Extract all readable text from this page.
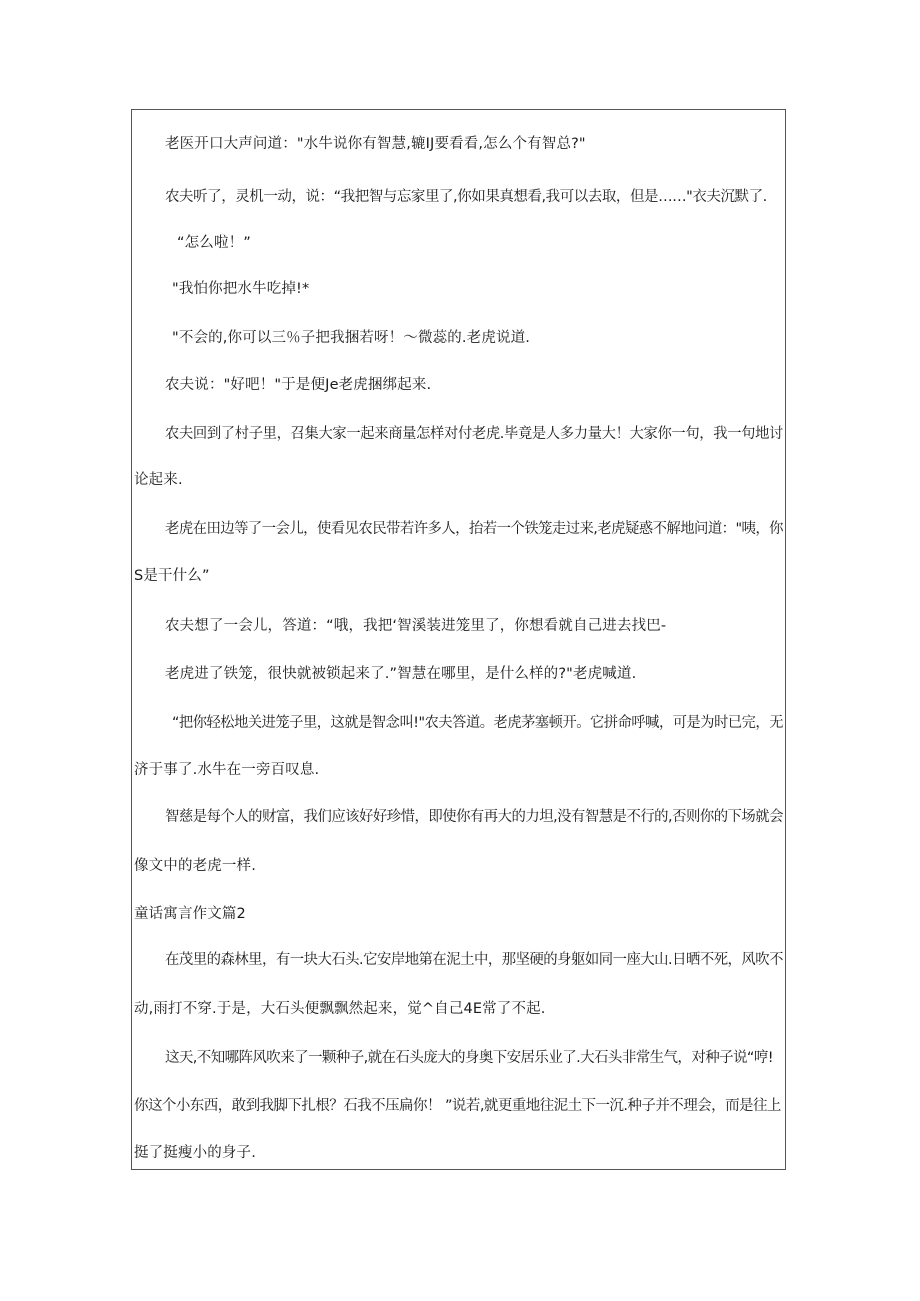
老医开口大声问道："水牛说你有智慧,辘IJ要看看,怎么个有智总?"
农夫听了，灵机一动，说：“我把智与忘家里了,你如果真想看,我可以去取，但是……"衣夫沉默了.
“怎么啦！”
"我怕你把水牛吃掉!*
"不会的,你可以三％子把我捆若呀！〜微蕊的.老虎说道.
农夫说："好吧！"于是便Je老虎捆绑起来.
农夫回到了村子里，召集大家一起来商量怎样对付老虎.毕竟是人多力量大！大家你一句，我一句地讨
论起来.
老虎在田边等了一会儿，使看见农民带若许多人，抬若一个铁笼走过来,老虎疑惑不解地问道："咦，你
S是干什么”
农夫想了一会儿，答道：“哦，我把‘智溪装进笼里了，你想看就自己进去找巴-
老虎进了铁笼，很快就被锁起来了.”智慧在哪里，是什么样的?"老虎喊道.
“把你轻松地关进笼子里，这就是智念叫!"农夫答道。老虎茅塞顿开。它拼命呼喊，可是为时已完，无
济于事了.水牛在一旁百叹息.
智慈是每个人的财富，我们应该好好珍惜，即使你有再大的力坦,没有智慧是不行的,否则你的下场就会
像文中的老虎一样.
童话寓言作文篇2
在茂里的森林里，有一块大石头.它安岸地第在泥土中，那坚硬的身躯如同一座大山.日晒不死，风吹不
动,雨打不穿.于是，大石头便飘飘然起来，觉^自己4E常了不起.
这天,不知哪阵风吹来了一颗种子,就在石头庞大的身奥下安居乐业了.大石头非常生气，对种子说“哼!
你这个小东西，敢到我脚下扎根？石我不压扁你！ ”说若,就更重地往泥土下一沉.种子并不理会，而是往上
挺了挺瘦小的身子.
